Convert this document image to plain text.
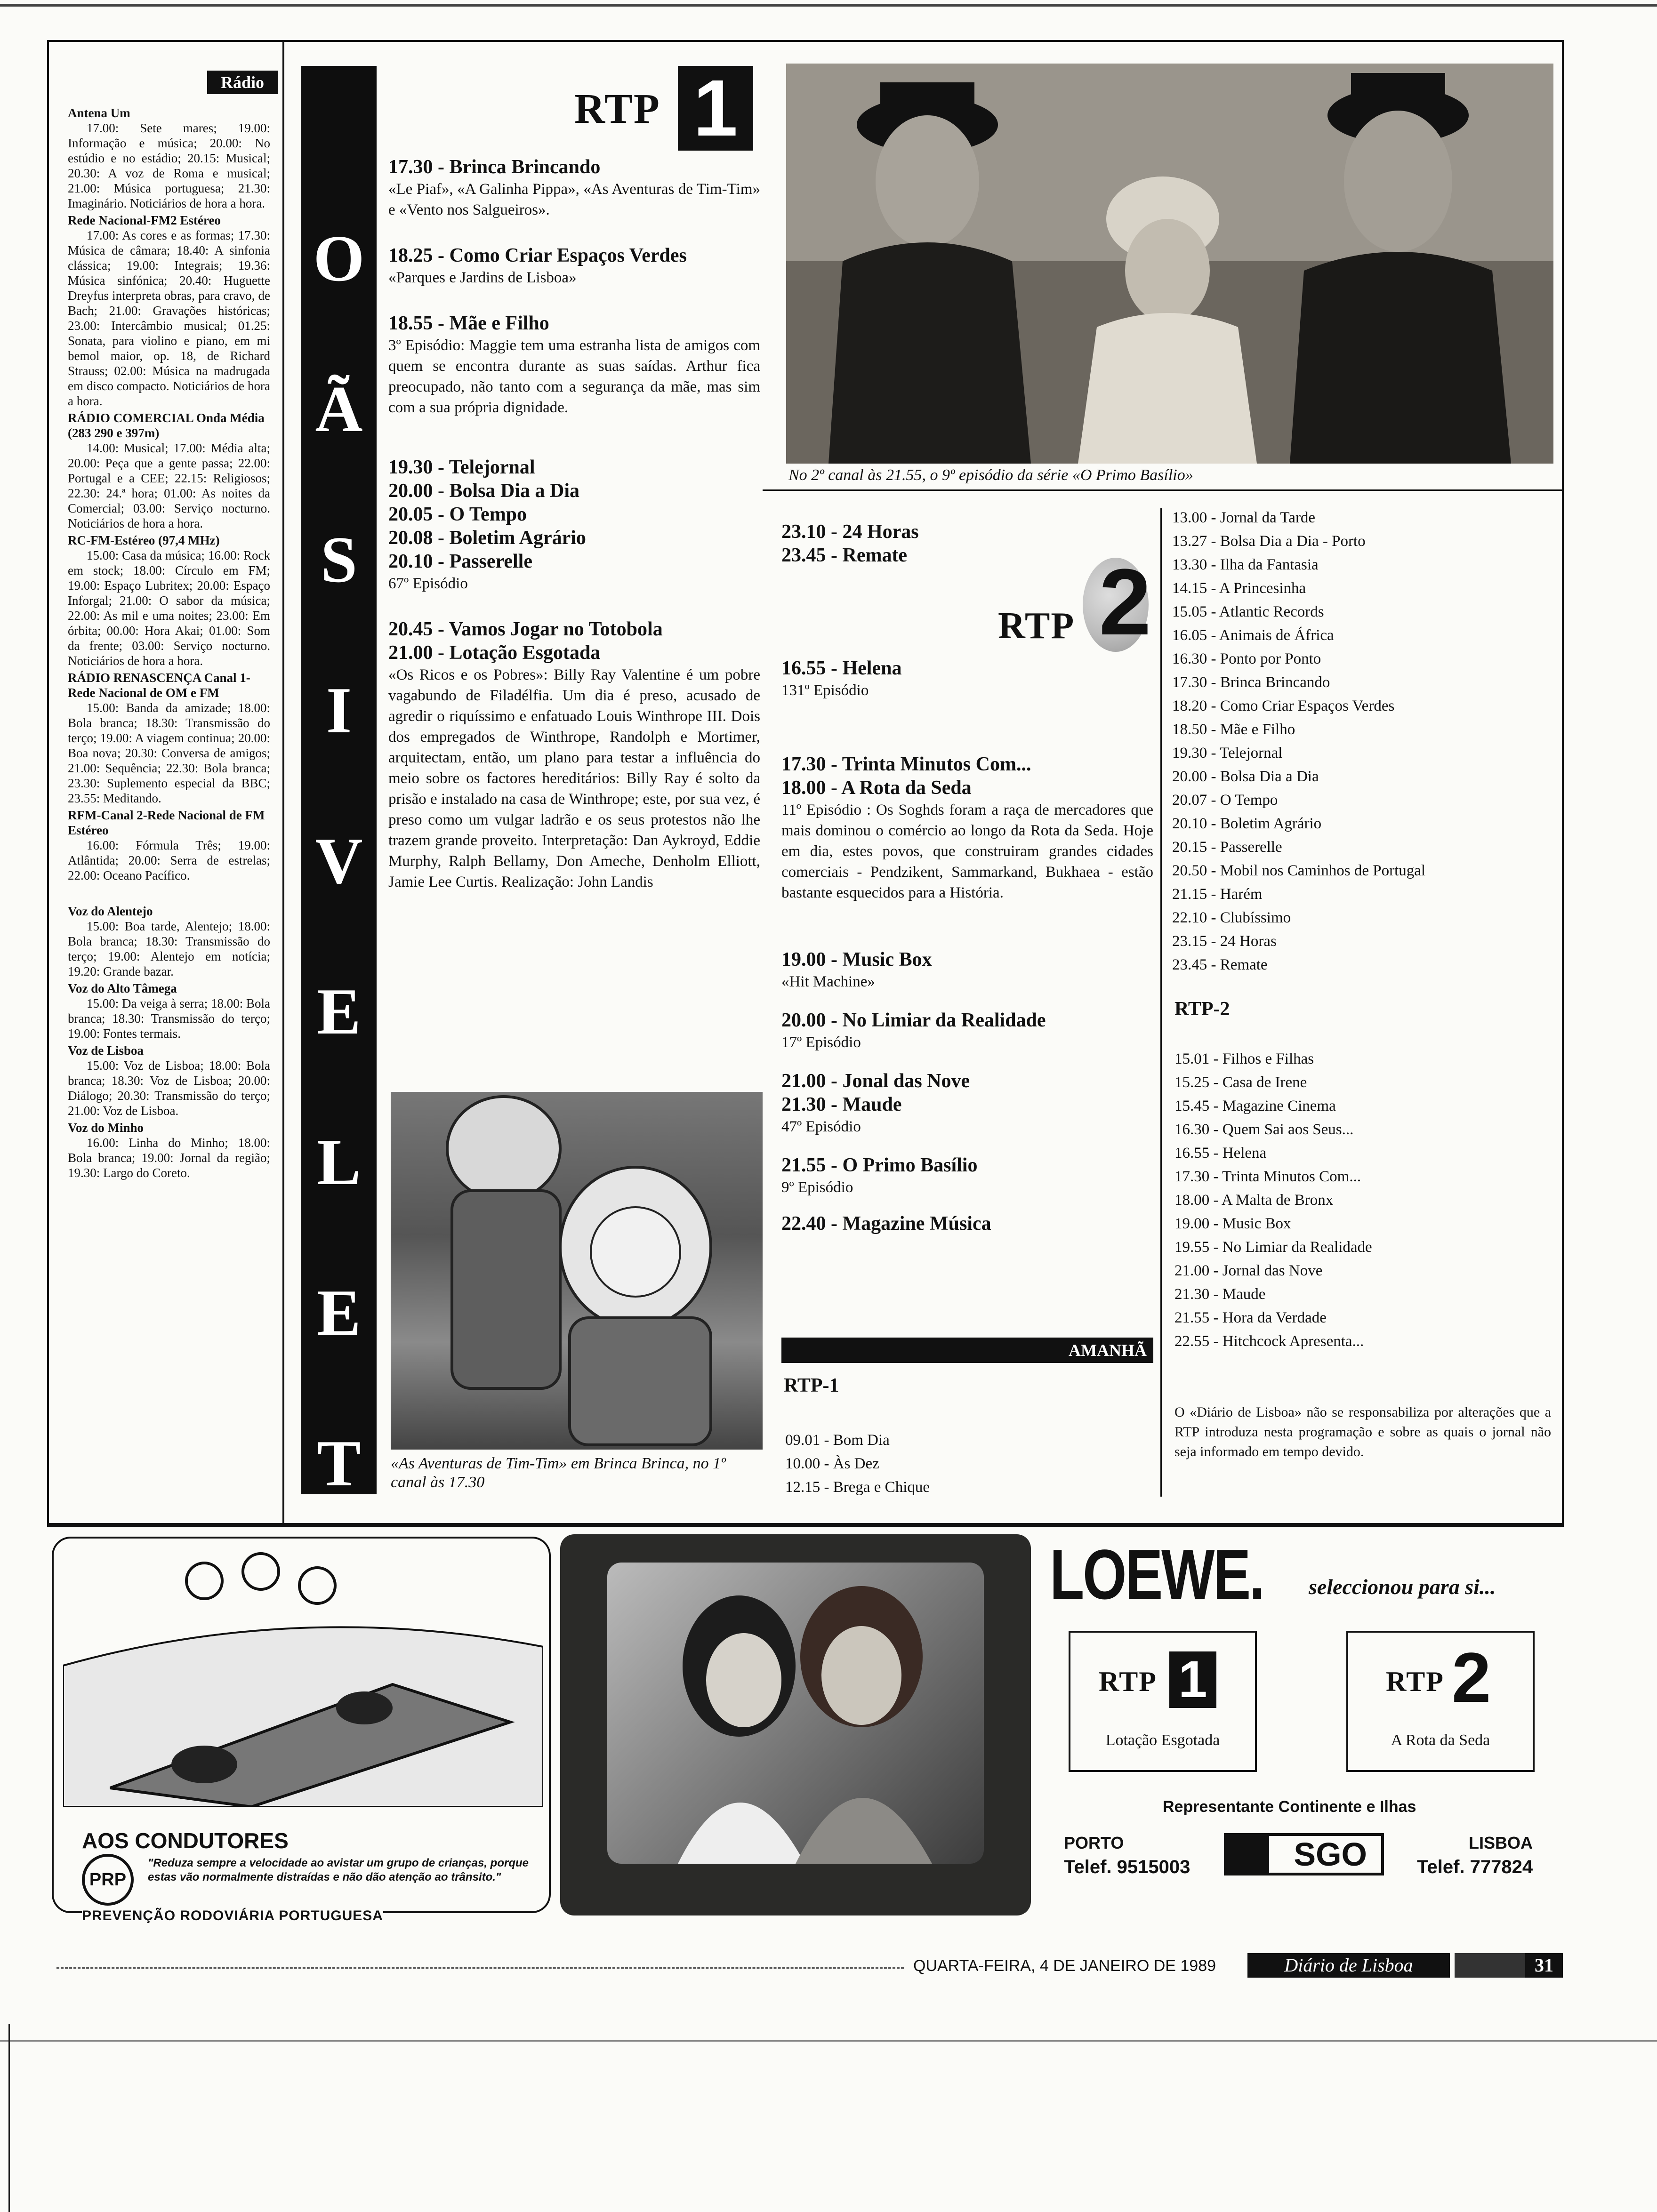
Rádio
Antena Um
17.00: Sete mares; 19.00: Informação e música; 20.00: No estúdio e no estádio; 20.15: Musical; 20.30: A voz de Roma e musical; 21.00: Música portuguesa; 21.30: Imaginário. Noticiários de hora a hora.
Rede Nacional-FM2 Estéreo
17.00: As cores e as formas; 17.30: Música de câmara; 18.40: A sinfonia clássica; 19.00: Integrais; 19.36: Música sinfónica; 20.40: Huguette Dreyfus interpreta obras, para cravo, de Bach; 21.00: Gravações históricas; 23.00: Intercâmbio musical; 01.25: Sonata, para violino e piano, em mi bemol maior, op. 18, de Richard Strauss; 02.00: Música na madrugada em disco compacto. Noticiários de hora a hora.
RÁDIO COMERCIAL Onda Média (283 290 e 397m)
14.00: Musical; 17.00: Média alta; 20.00: Peça que a gente passa; 22.00: Portugal e a CEE; 22.15: Religiosos; 22.30: 24.ª hora; 01.00: As noites da Comercial; 03.00: Serviço nocturno. Noticiários de hora a hora.
RC-FM-Estéreo (97,4 MHz)
15.00: Casa da música; 16.00: Rock em stock; 18.00: Círculo em FM; 19.00: Espaço Lubritex; 20.00: Espaço Inforgal; 21.00: O sabor da música; 22.00: As mil e uma noites; 23.00: Em órbita; 00.00: Hora Akai; 01.00: Som da frente; 03.00: Serviço nocturno. Noticiários de hora a hora.
RÁDIO RENASCENÇA Canal 1-Rede Nacional de OM e FM
15.00: Banda da amizade; 18.00: Bola branca; 18.30: Transmissão do terço; 19.00: A viagem continua; 20.00: Boa nova; 20.30: Conversa de amigos; 21.00: Sequência; 22.30: Bola branca; 23.30: Suplemento especial da BBC; 23.55: Meditando.
RFM-Canal 2-Rede Nacional de FM Estéreo
16.00: Fórmula Três; 19.00: Atlântida; 20.00: Serra de estrelas; 22.00: Oceano Pacífico.
Voz do Alentejo
15.00: Boa tarde, Alentejo; 18.00: Bola branca; 18.30: Transmissão do terço; 19.00: Alentejo em notícia; 19.20: Grande bazar.
Voz do Alto Tâmega
15.00: Da veiga à serra; 18.00: Bola branca; 18.30: Transmissão do terço; 19.00: Fontes termais.
Voz de Lisboa
15.00: Voz de Lisboa; 18.00: Bola branca; 18.30: Voz de Lisboa; 20.00: Diálogo; 20.30: Transmissão do terço; 21.00: Voz de Lisboa.
Voz do Minho
16.00: Linha do Minho; 18.00: Bola branca; 19.00: Jornal da região; 19.30: Largo do Coreto.
T
E
L
E
V
I
S
Ã
O
RTP 1
17.30 - Brinca Brincando
«Le Piaf», «A Galinha Pippa», «As Aventuras de Tim-Tim» e «Vento nos Salgueiros».
18.25 - Como Criar Espaços Verdes
«Parques e Jardins de Lisboa»
18.55 - Mãe e Filho
3º Episódio: Maggie tem uma estranha lista de amigos com quem se encontra durante as suas saídas. Arthur fica preocupado, não tanto com a segurança da mãe, mas sim com a sua própria dignidade.
19.30 - Telejornal
20.00 - Bolsa Dia a Dia
20.05 - O Tempo
20.08 - Boletim Agrário
20.10 - Passerelle
67º Episódio
20.45 - Vamos Jogar no Totobola
21.00 - Lotação Esgotada
«Os Ricos e os Pobres»: Billy Ray Valentine é um pobre vagabundo de Filadélfia. Um dia é preso, acusado de agredir o riquíssimo e enfatuado Louis Winthrope III. Dois dos empregados de Winthrope, Randolph e Mortimer, arquitectam, então, um plano para testar a influência do meio sobre os factores hereditários: Billy Ray é solto da prisão e instalado na casa de Winthrope; este, por sua vez, é preso como um vulgar ladrão e os seus protestos não lhe trazem grande proveito. Interpretação: Dan Aykroyd, Eddie Murphy, Ralph Bellamy, Don Ameche, Denholm Elliott, Jamie Lee Curtis. Realização: John Landis
«As Aventuras de Tim-Tim» em Brinca Brinca, no 1º canal às 17.30
No 2º canal às 21.55, o 9º episódio da série «O Primo Basílio»
23.10 - 24 Horas
23.45 - Remate
RTP 2
16.55 - Helena
131º Episódio
17.30 - Trinta Minutos Com...
18.00 - A Rota da Seda
11º Episódio : Os Soghds foram a raça de mercadores que mais dominou o comércio ao longo da Rota da Seda. Hoje em dia, estes povos, que construiram grandes cidades comerciais - Pendzikent, Sammarkand, Bukhaea - estão bastante esquecidos para a História.
19.00 - Music Box
«Hit Machine»
20.00 - No Limiar da Realidade
17º Episódio
21.00 - Jonal das Nove
21.30 - Maude
47º Episódio
21.55 - O Primo Basílio
9º Episódio
22.40 - Magazine Música
AMANHÃ
RTP-1
09.01 - Bom Dia
10.00 - Às Dez
12.15 - Brega e Chique
13.00 - Jornal da Tarde
13.27 - Bolsa Dia a Dia - Porto
13.30 - Ilha da Fantasia
14.15 - A Princesinha
15.05 - Atlantic Records
16.05 - Animais de África
16.30 - Ponto por Ponto
17.30 - Brinca Brincando
18.20 - Como Criar Espaços Verdes
18.50 - Mãe e Filho
19.30 - Telejornal
20.00 - Bolsa Dia a Dia
20.07 - O Tempo
20.10 - Boletim Agrário
20.15 - Passerelle
20.50 - Mobil nos Caminhos de Portugal
21.15 - Harém
22.10 - Clubíssimo
23.15 - 24 Horas
23.45 - Remate
RTP-2
15.01 - Filhos e Filhas
15.25 - Casa de Irene
15.45 - Magazine Cinema
16.30 - Quem Sai aos Seus...
16.55 - Helena
17.30 - Trinta Minutos Com...
18.00 - A Malta de Bronx
19.00 - Music Box
19.55 - No Limiar da Realidade
21.00 - Jornal das Nove
21.30 - Maude
21.55 - Hora da Verdade
22.55 - Hitchcock Apresenta...
O «Diário de Lisboa» não se responsabiliza por alterações que a RTP introduza nesta programação e sobre as quais o jornal não seja informado em tempo devido.
AOS CONDUTORES
PRP
"Reduza sempre a velocidade ao avistar um grupo de crianças, porque estas vão normalmente distraídas e não dão atenção ao trânsito."
PREVENÇÃO RODOVIÁRIA PORTUGUESA
LOEWE. seleccionou para si...
RTP 1
Lotação Esgotada
RTP 2
A Rota da Seda
Representante Continente e Ilhas
PORTO
Telef. 9515003	SGO	LISBOA
Telef. 777824
QUARTA-FEIRA, 4 DE JANEIRO DE 1989	Diário de Lisboa	31
